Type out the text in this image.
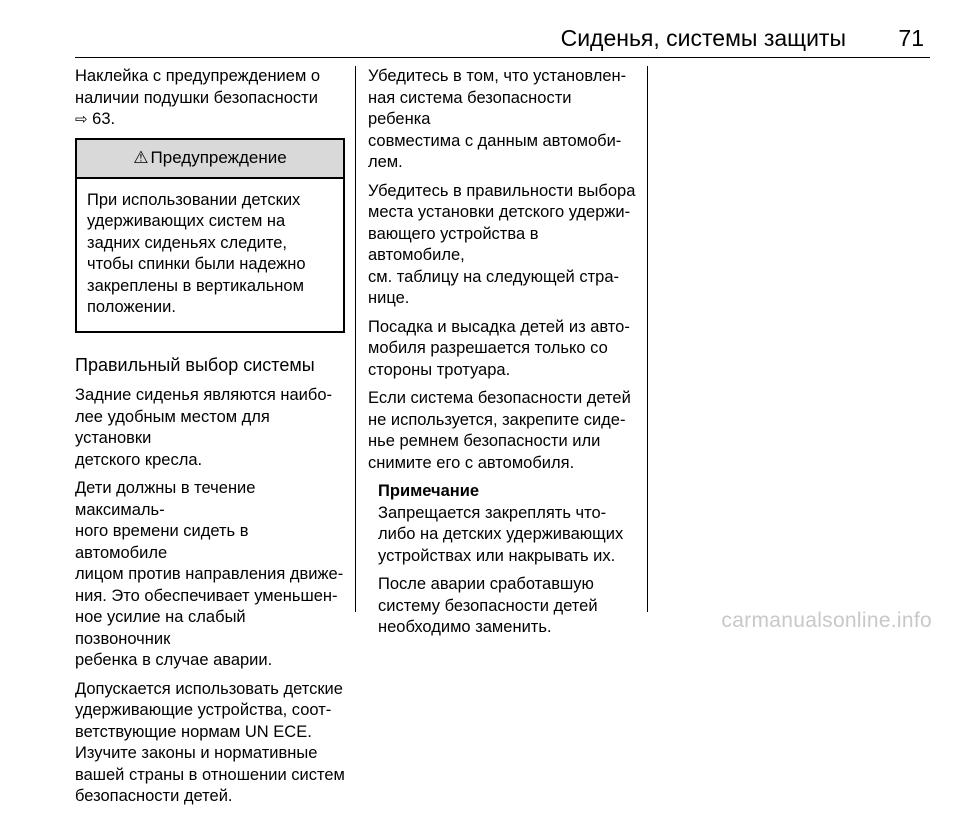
Сиденья, системы защиты 71

Наклейка с предупреждением о
наличии подушки безопасности
⇨ 63.

⚠ Предупреждение
При использовании детских
удерживающих систем на
задних сиденьях следите,
чтобы спинки были надежно
закреплены в вертикальном
положении.
Правильный выбор системы

Задние сиденья являются наибо-
лее удобным местом для установки
детского кресла.

Дети должны в течение максималь-
ного времени сидеть в автомобиле
лицом против направления движе-
ния. Это обеспечивает уменьшен-
ное усилие на слабый позвоночник
ребенка в случае аварии.

Допускается использовать детские
удерживающие устройства, соот-
ветствующие нормам UN ECE.
Изучите законы и нормативные
вашей страны в отношении систем
безопасности детей.

Убедитесь в том, что установлен-
ная система безопасности ребенка
совместима с данным автомоби-
лем.

Убедитесь в правильности выбора
места установки детского удержи-
вающего устройства в автомобиле,
см. таблицу на следующей стра-
нице.

Посадка и высадка детей из авто-
мобиля разрешается только со
стороны тротуара.

Если система безопасности детей
не используется, закрепите сиде-
нье ремнем безопасности или
снимите его с автомобиля.

Примечание

Запрещается закреплять что-
либо на детских удерживающих
устройствах или накрывать их.

После аварии сработавшую
систему безопасности детей
необходимо заменить.	carmanualsonline.info
